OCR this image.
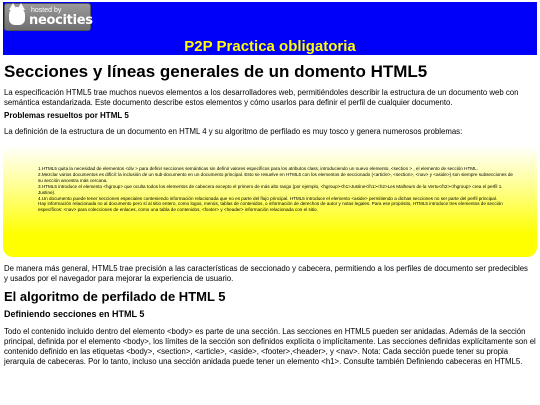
hosted by
neocities
P2P Practica obligatoria
Secciones y líneas generales de un domento HTML5

La especificación HTML5 trae muchos nuevos elementos a los desarrolladores web, permitiéndoles describir la estructura de un documento web con semántica estandarizada. Este documento describe estos elementos y cómo usarlos para definir el perfil de cualquier documento.

Problemas resueltos por HTML 5

La definición de la estructura de un documento en HTML 4 y su algoritmo de perfilado es muy tosco y genera numerosos problemas:

1.HTML5 quita la necesidad de elementos <div > para definir secciones semánticas sin definir valores específicos para los atributos class, introduciendo un nuevo elemento, <section > , el elemento de sección HTML.
2.Mezclar varios documentos es difícil: la inclusión de un sub-documento en un documento principal. Esto se resuelve en HTML5 con los elementos de seccionado (<article>, <section>, <nav> y <aside>) son siempre subsecciones de su sección ancestra más cercana.
3.HTML5 introduce el elemento <hgroup> que oculta todos los elementos de cabecera excepto el primero de más alto rango (por ejemplo, <hgroup><h1>Justine</h1><h2>Les Malheurs de la Vertu</h2></hgroup> crea el perfil 1. Justine).
4.Un documento puede tener secciones especiales conteniendo información relacionada que no es parte del flujo principal. HTML5 introduce el elemento <aside> permitiendo a dichas secciones no ser parte del perfil principal.
Hay información relacionada no al documento pero sí al sitio entero, como logos, menús, tablas de contenidos, o información de derechos de autor y notas legales. Para ese propósito, HTML5 introduce tres elementos de sección específicos: <nav> para colecciones de enlaces, como una tabla de contenidos, <footer> y <header> información relacionada con el sitio.

De manera más general, HTML5 trae precisión a las características de seccionado y cabecera, permitiendo a los perfiles de documento ser predecibles y usados por el navegador para mejorar la experiencia de usuario.

El algoritmo de perfilado de HTML 5
Definiendo secciones en HTML 5

Todo el contenido incluido dentro del elemento <body> es parte de una sección. Las secciones en HTML5 pueden ser anidadas. Además de la sección principal, definida por el elemento <body>, los límites de la sección son definidos explícita o implícitamente. Las secciones definidas explícitamente son el contenido definido en las etiquetas <body>, <section>, <article>, <aside>, <footer>,<header>, y <nav>. Nota: Cada sección puede tener su propia jerarquía de cabeceras. Por lo tanto, incluso una sección anidada puede tener un elemento <h1>. Consulte también Definiendo cabeceras en HTML5.
